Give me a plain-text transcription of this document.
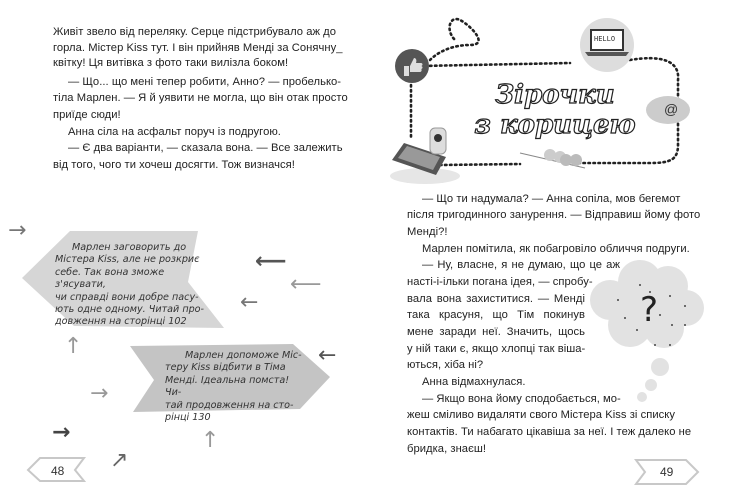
Зірочки
з корицею
HELLO
@
Живіт звело від переляку. Серце підстрибувало аж до
горла. Містер Kiss тут. І він прийняв Менді за Сонячну_
квітку! Ця витівка з фото таки вилізла боком!
— Що... що мені тепер робити, Анно? — пробелько-
тіла Марлен. — Я й уявити не могла, що він отак просто
приїде сюди!
Анна сіла на асфальт поруч із подругою.
— Є два варіанти, — сказала вона. — Все залежить
від того, чого ти хочеш досягти. Тож визначся!
Марлен заговорить до
Містера Kiss, але не розкриє
себе. Так вона зможе з'ясувати,
чи справді вони добре пасу-
ють одне одному. Читай про-
довження на сторінці 102
Марлен допоможе Міс-
теру Kiss відбити в Тіма
Менді. Ідеальна помста! Чи-
тай продовження на сто-
рінці 130
→
⟵
⟵
←
↑	←
→
→	↑
↗
48
— Що ти надумала? — Анна сопіла, мов бегемот
після тригодинного занурення. — Відправиш йому фото
Менді?!
Марлен помітила, як побагровіло обличчя подруги.
— Ну, власне, я не думаю, що це аж
насті-і-ільки погана ідея, — спробу-
вала вона захиститися. — Менді
така красуня, що Тім покинув
мене заради неї. Значить, щось
у ній таки є, якщо хлопці так віша-
ються, хіба ні?
Анна відмахнулася.
— Якщо вона йому сподобається, мо-
жеш сміливо видаляти свого Містера Kiss зі списку
контактів. Ти набагато цікавіша за неї. І теж далеко не
бридка, знаєш!
?
49
